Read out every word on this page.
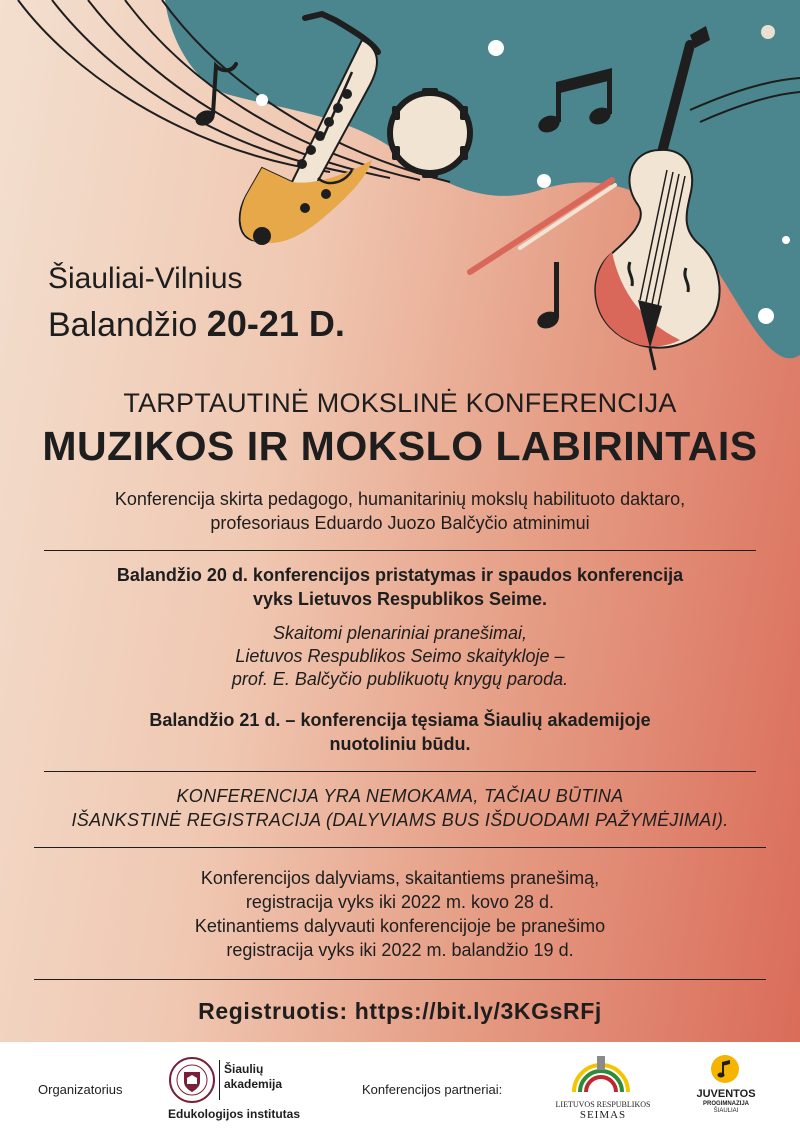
Šiauliai-Vilnius

Balandžio 20-21 D.

TARPTAUTINĖ MOKSLINĖ KONFERENCIJA

MUZIKOS IR MOKSLO LABIRINTAIS

Konferencija skirta pedagogo, humanitarinių mokslų habilituoto daktaro,
profesoriaus Eduardo Juozo Balčyčio atminimui

Balandžio 20 d. konferencijos pristatymas ir spaudos konferencija
vyks Lietuvos Respublikos Seime.

Skaitomi plenariniai pranešimai,
Lietuvos Respublikos Seimo skaitykloje –
prof. E. Balčyčio publikuotų knygų paroda.

Balandžio 21 d. – konferencija tęsiama Šiaulių akademijoje
nuotoliniu būdu.

KONFERENCIJA YRA NEMOKAMA, TAČIAU BŪTINA
IŠANKSTINĖ REGISTRACIJA (DALYVIAMS BUS IŠDUODAMI PAŽYMĖJIMAI).

Konferencijos dalyviams, skaitantiems pranešimą,
registracija vyks iki 2022 m. kovo 28 d.
Ketinantiems dalyvauti konferencijoje be pranešimo
registracija vyks iki 2022 m. balandžio 19 d.

Registruotis: https://bit.ly/3KGsRFj

Organizatorius

Šiaulių akademija

Edukologijos institutas

Konferencijos partneriai:

LIETUVOS RESPUBLIKOS
SEIMAS

JUVENTOS
PROGIMNAZIJA
ŠIAULIAI
